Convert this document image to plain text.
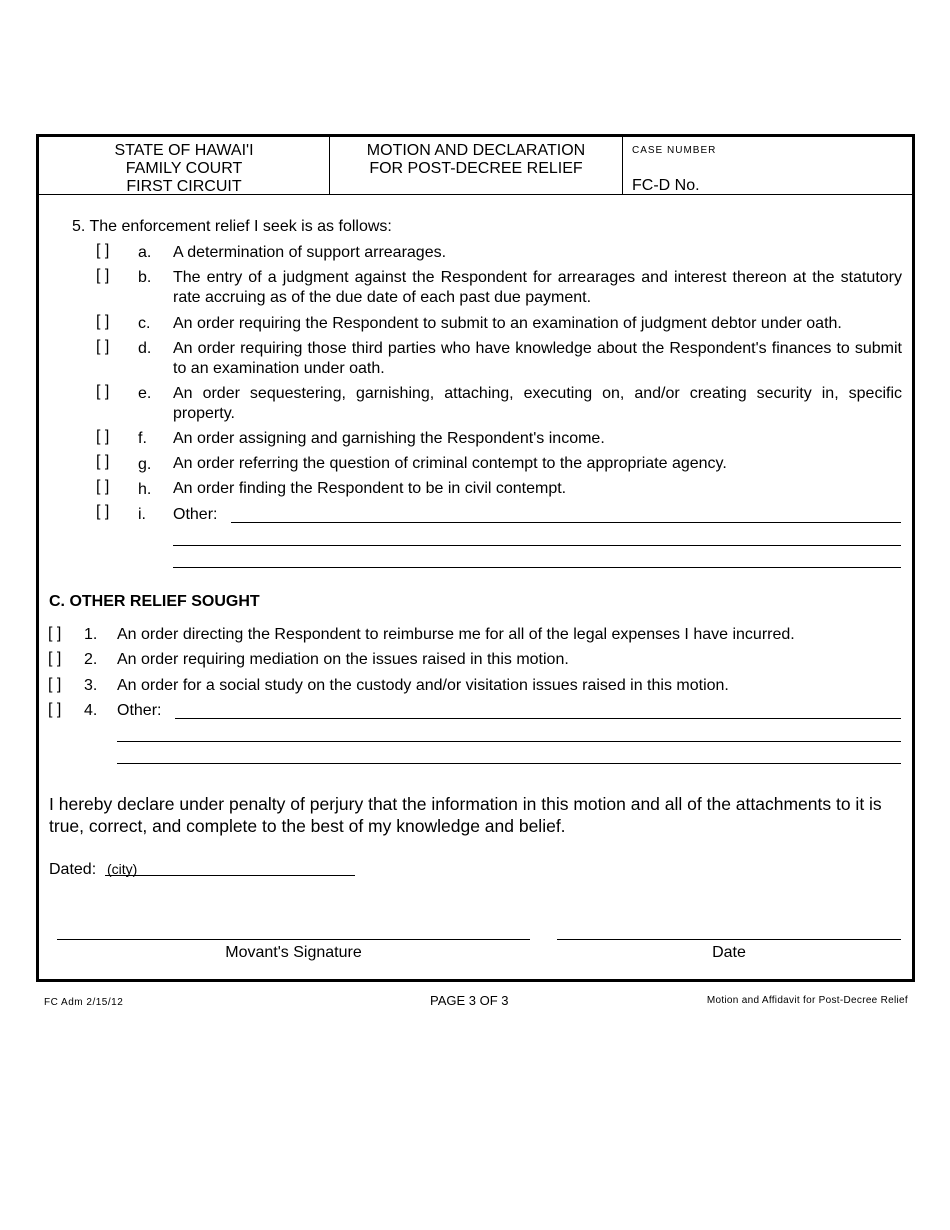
STATE OF HAWAI'I
FAMILY COURT
FIRST CIRCUIT
MOTION AND DECLARATION
FOR POST-DECREE RELIEF
CASE NUMBER
FC-D No.
5. The enforcement relief I seek is as follows:
[ ] a. A determination of support arrearages.
[ ] b. The entry of a judgment against the Respondent for arrearages and interest thereon at the statutory rate accruing as of the due date of each past due payment.
[ ] c. An order requiring the Respondent to submit to an examination of judgment debtor under oath.
[ ] d. An order requiring those third parties who have knowledge about the Respondent's finances to submit to an examination under oath.
[ ] e. An order sequestering, garnishing, attaching, executing on, and/or creating security in, specific property.
[ ] f. An order assigning and garnishing the Respondent's income.
[ ] g. An order referring the question of criminal contempt to the appropriate agency.
[ ] h. An order finding the Respondent to be in civil contempt.
[ ] i. Other:
C. OTHER RELIEF SOUGHT
[ ] 1. An order directing the Respondent to reimburse me for all of the legal expenses I have incurred.
[ ] 2. An order requiring mediation on the issues raised in this motion.
[ ] 3. An order for a social study on the custody and/or visitation issues raised in this motion.
[ ] 4. Other:
I hereby declare under penalty of perjury that the information in this motion and all of the attachments to it is true, correct, and complete to the best of my knowledge and belief.
Dated: (city)
Movant's Signature	Date
FC Adm 2/15/12	PAGE 3 OF 3	Motion and Affidavit for Post-Decree Relief
